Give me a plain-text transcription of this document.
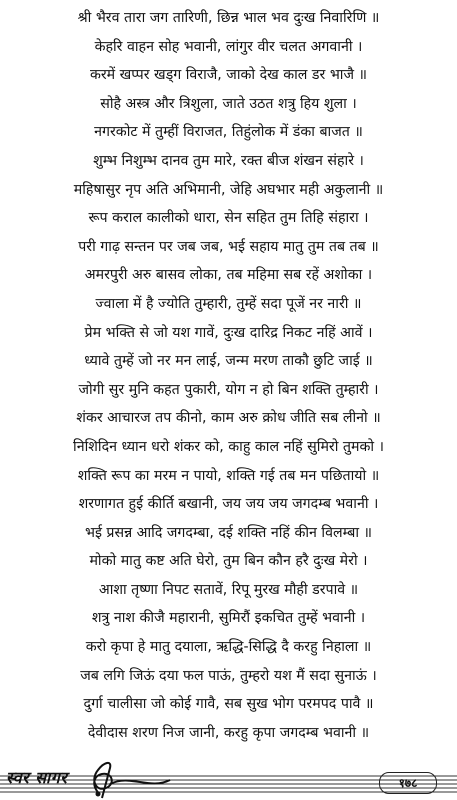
श्री भैरव तारा जग तारिणी, छिन्न भाल भव दुःख निवारिणि ॥
केहरि वाहन सोह भवानी, लांगुर वीर चलत अगवानी ।
करमें खप्पर खड्ग विराजै, जाको देख काल डर भाजै ॥
सोहै अस्त्र और त्रिशुला, जाते उठत शत्रु हिय शुला ।
नगरकोट में तुम्हीं विराजत, तिहुंलोक में डंका बाजत ॥
शुम्भ निशुम्भ दानव तुम मारे, रक्त बीज शंखन संहारे ।
महिषासुर नृप अति अभिमानी, जेहि अघभार मही अकुलानी ॥
रूप कराल कालीको धारा, सेन सहित तुम तिहि संहारा ।
परी गाढ़ सन्तन पर जब जब, भई सहाय मातु तुम तब तब ॥
अमरपुरी अरु बासव लोका, तब महिमा सब रहें अशोका ।
ज्वाला में है ज्योति तुम्हारी, तुम्हें सदा पूजें नर नारी ॥
प्रेम भक्ति से जो यश गावें, दुःख दारिद्र निकट नहिं आवें ।
ध्यावे तुम्हें जो नर मन लाई, जन्म मरण ताकौ छुटि जाई ॥
जोगी सुर मुनि कहत पुकारी, योग न हो बिन शक्ति तुम्हारी ।
शंकर आचारज तप कीनो, काम अरु क्रोध जीति सब लीनो ॥
निशिदिन ध्यान धरो शंकर को, काहु काल नहिं सुमिरो तुमको ।
शक्ति रूप का मरम न पायो, शक्ति गई तब मन पछितायो ॥
शरणागत हुई कीर्ति बखानी, जय जय जय जगदम्ब भवानी ।
भई प्रसन्न आदि जगदम्बा, दई शक्ति नहिं कीन विलम्बा ॥
मोको मातु कष्ट अति घेरो, तुम बिन कौन हरै दुःख मेरो ।
आशा तृष्णा निपट सतावें, रिपू मुरख मौही डरपावे ॥
शत्रु नाश कीजै महारानी, सुमिरौं इकचित तुम्हें भवानी ।
करो कृपा हे मातु दयाला, ऋद्धि-सिद्धि दै करहु निहाला ॥
जब लगि जिऊं दया फल पाऊं, तुम्हरो यश मैं सदा सुनाऊं ।
दुर्गा चालीसा जो कोई गावै, सब सुख भोग परमपद पावै ॥
देवीदास शरण निज जानी, करहु कृपा जगदम्ब भवानी ॥
स्वर सागर	१७८
